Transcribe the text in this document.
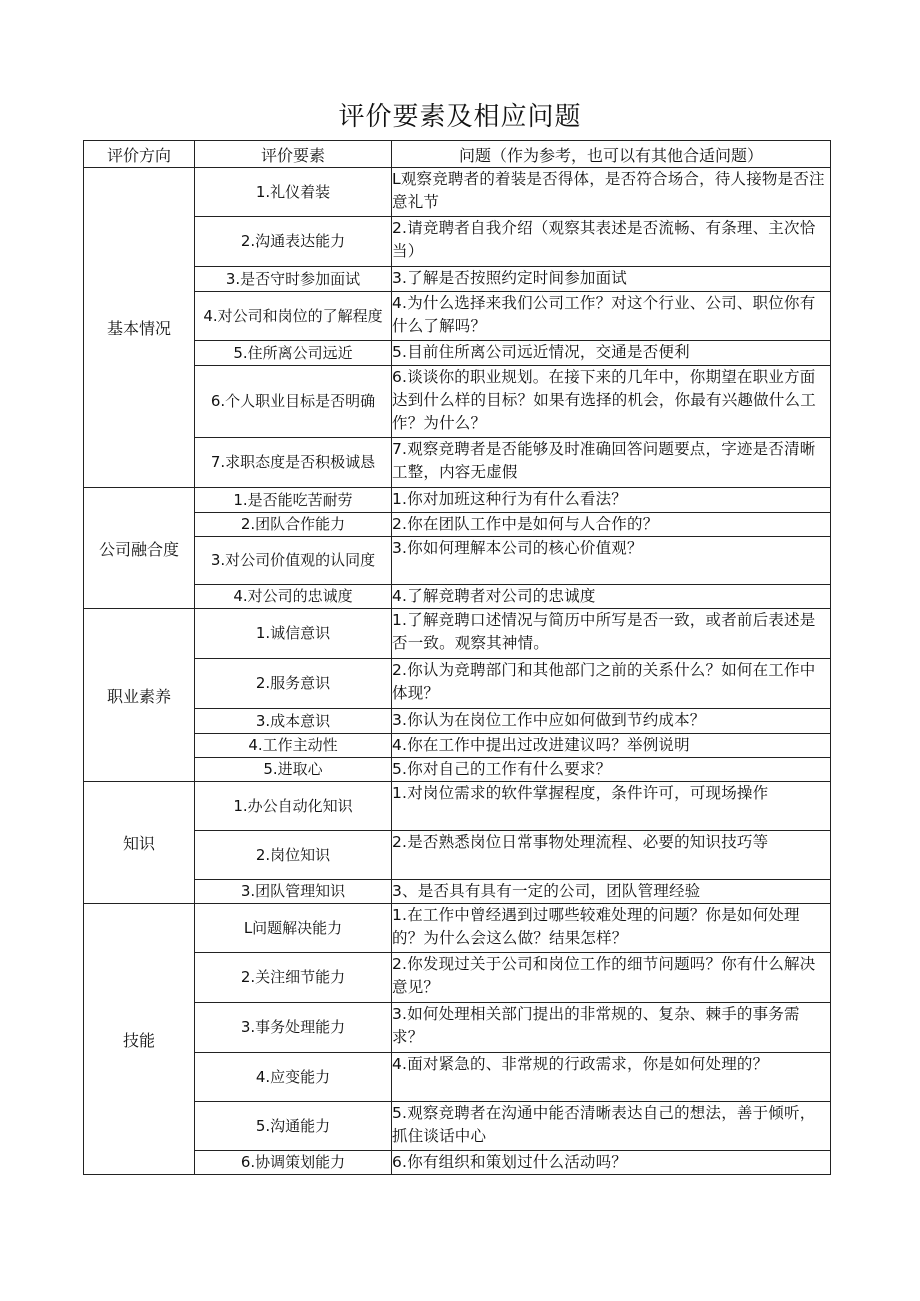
评价要素及相应问题
评价方向	评价要素	问题（作为参考，也可以有其他合适问题）
基本情况	1.礼仪着装	L观察竞聘者的着装是否得体，是否符合场合，待人接物是否注意礼节
	2.沟通表达能力	2.请竞聘者自我介绍（观察其表述是否流畅、有条理、主次恰当）
	3.是否守时参加面试	3.了解是否按照约定时间参加面试
	4.对公司和岗位的了解程度	4.为什么选择来我们公司工作？对这个行业、公司、职位你有什么了解吗？
	5.住所离公司远近	5.目前住所离公司远近情况，交通是否便利
	6.个人职业目标是否明确	6.谈谈你的职业规划。在接下来的几年中，你期望在职业方面达到什么样的目标？如果有选择的机会，你最有兴趣做什么工作？为什么？
	7.求职态度是否积极诚恳	7.观察竞聘者是否能够及时准确回答问题要点，字迹是否清晰工整，内容无虚假
公司融合度	1.是否能吃苦耐劳	1.你对加班这种行为有什么看法？
	2.团队合作能力	2.你在团队工作中是如何与人合作的？
	3.对公司价值观的认同度	3.你如何理解本公司的核心价值观？
	4.对公司的忠诚度	4.了解竞聘者对公司的忠诚度
职业素养	1.诚信意识	1.了解竞聘口述情况与简历中所写是否一致，或者前后表述是否一致。观察其神情。
	2.服务意识	2.你认为竞聘部门和其他部门之前的关系什么？如何在工作中体现？
	3.成本意识	3.你认为在岗位工作中应如何做到节约成本？
	4.工作主动性	4.你在工作中提出过改进建议吗？举例说明
	5.进取心	5.你对自己的工作有什么要求？
知识	1.办公自动化知识	1.对岗位需求的软件掌握程度，条件许可，可现场操作
	2.岗位知识	2.是否熟悉岗位日常事物处理流程、必要的知识技巧等
	3.团队管理知识	3、是否具有具有一定的公司，团队管理经验
技能	L问题解决能力	1.在工作中曾经遇到过哪些较难处理的问题？你是如何处理的？为什么会这么做？结果怎样？
	2.关注细节能力	2.你发现过关于公司和岗位工作的细节问题吗？你有什么解决意见？
	3.事务处理能力	3.如何处理相关部门提出的非常规的、复杂、棘手的事务需求？
	4.应变能力	4.面对紧急的、非常规的行政需求，你是如何处理的？
	5.沟通能力	5.观察竞聘者在沟通中能否清晰表达自己的想法，善于倾听，抓住谈话中心
	6.协调策划能力	6.你有组织和策划过什么活动吗？
